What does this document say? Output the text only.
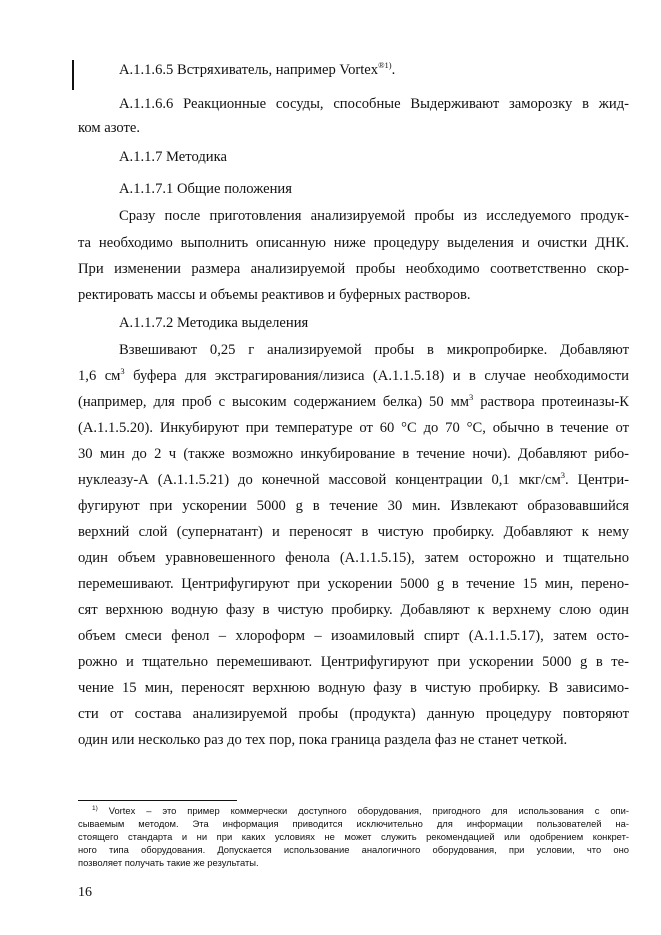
А.1.1.6.5 Встряхиватель, например Vortex$^{®1)}$.
А.1.1.6.6 Реакционные сосуды, способные Выдерживают заморозку в жид-
ком азоте.
А.1.1.7 Методика
А.1.1.7.1 Общие положения
Сразу после приготовления анализируемой пробы из исследуемого продук-
та необходимо выполнить описанную ниже процедуру выделения и очистки ДНК.
При изменении размера анализируемой пробы необходимо соответственно скор-
ректировать массы и объемы реактивов и буферных растворов.
А.1.1.7.2 Методика выделения
Взвешивают 0,25 г анализируемой пробы в микропробирке. Добавляют
1,6 $см^3$ буфера для экстрагирования/лизиса (А.1.1.5.18) и в случае необходимости
(например, для проб с высоким содержанием белка) 50 $мм^3$ раствора протеиназы-К
(А.1.1.5.20). Инкубируют при температуре от 60 °С до 70 °С, обычно в течение от
30 мин до 2 ч (также возможно инкубирование в течение ночи). Добавляют рибо-
нуклеазу-А (А.1.1.5.21) до конечной массовой концентрации 0,1 мкг/$см^3$. Центри-
фугируют при ускорении 5000 g в течение 30 мин. Извлекают образовавшийся
верхний слой (супернатант) и переносят в чистую пробирку. Добавляют к нему
один объем уравновешенного фенола (А.1.1.5.15), затем осторожно и тщательно
перемешивают. Центрифугируют при ускорении 5000 g в течение 15 мин, перено-
сят верхнюю водную фазу в чистую пробирку. Добавляют к верхнему слою один
объем смеси фенол – хлороформ – изоамиловый спирт (А.1.1.5.17), затем осто-
рожно и тщательно перемешивают. Центрифугируют при ускорении 5000 g в те-
чение 15 мин, переносят верхнюю водную фазу в чистую пробирку. В зависимо-
сти от состава анализируемой пробы (продукта) данную процедуру повторяют
один или несколько раз до тех пор, пока граница раздела фаз не станет четкой.
$^{1)}$ Vortex – это пример коммерчески доступного оборудования, пригодного для использования с опи-
сываемым методом. Эта информация приводится исключительно для информации пользователей на-
стоящего стандарта и ни при каких условиях не может служить рекомендацией или одобрением конкрет-
ного типа оборудования. Допускается использование аналогичного оборудования, при условии, что оно
позволяет получать такие же результаты.
16
